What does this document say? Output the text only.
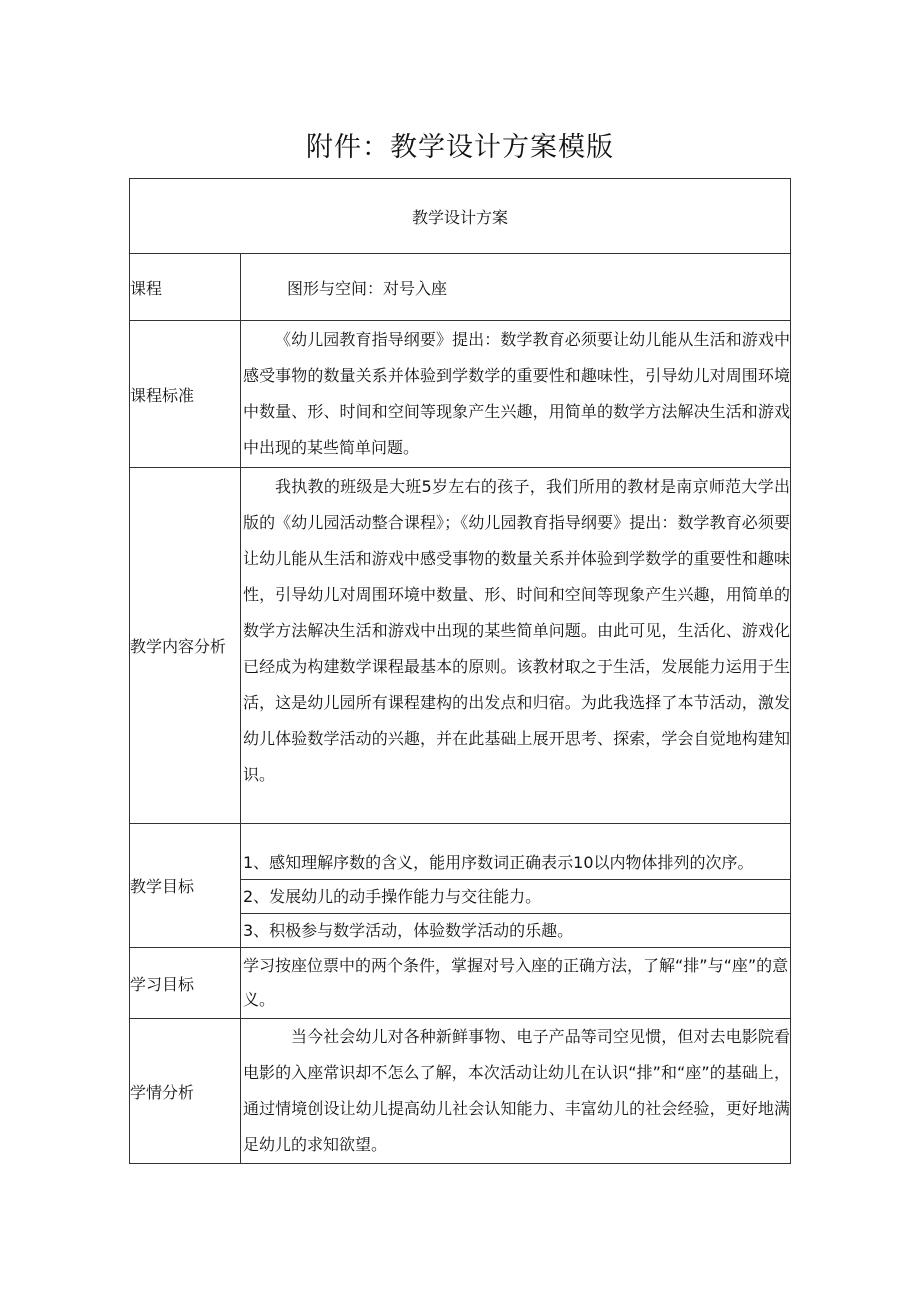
附件：教学设计方案模版
教学设计方案	
课程	图形与空间：对号入座
课程标准	《幼儿园教育指导纲要》提出：数学教育必须要让幼儿能从生活和游戏中感受事物的数量关系并体验到学数学的重要性和趣味性，引导幼儿对周围环境中数量、形、时间和空间等现象产生兴趣，用简单的数学方法解决生活和游戏中出现的某些简单问题。
教学内容分析	我执教的班级是大班5岁左右的孩子，我们所用的教材是南京师范大学出版的《幼儿园活动整合课程》；《幼儿园教育指导纲要》提出：数学教育必须要让幼儿能从生活和游戏中感受事物的数量关系并体验到学数学的重要性和趣味性，引导幼儿对周围环境中数量、形、时间和空间等现象产生兴趣，用简单的数学方法解决生活和游戏中出现的某些简单问题。由此可见，生活化、游戏化已经成为构建数学课程最基本的原则。该教材取之于生活，发展能力运用于生活，这是幼儿园所有课程建构的出发点和归宿。为此我选择了本节活动，激发幼儿体验数学活动的兴趣，并在此基础上展开思考、探索，学会自觉地构建知识。
教学目标	
	1、感知理解序数的含义，能用序数词正确表示10以内物体排列的次序。
	2、发展幼儿的动手操作能力与交往能力。
	3、积极参与数学活动，体验数学活动的乐趣。
学习目标	学习按座位票中的两个条件，掌握对号入座的正确方法，了解“排”与“座”的意义。
学情分析	当今社会幼儿对各种新鲜事物、电子产品等司空见惯，但对去电影院看电影的入座常识却不怎么了解，本次活动让幼儿在认识“排”和“座”的基础上，通过情境创设让幼儿提高幼儿社会认知能力、丰富幼儿的社会经验，更好地满足幼儿的求知欲望。
